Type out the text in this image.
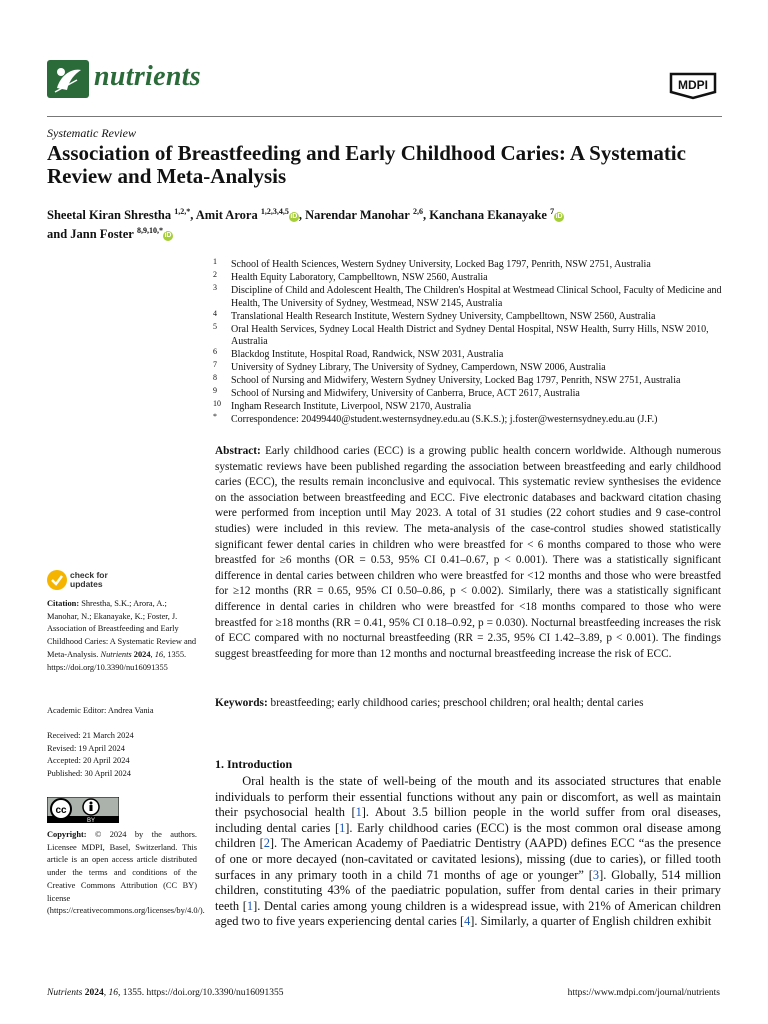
nutrients	MDPI
Systematic Review
Association of Breastfeeding and Early Childhood Caries: A Systematic Review and Meta-Analysis
Sheetal Kiran Shrestha $^{1,2,*}$, Amit Arora $^{1,2,3,4,5}$iD , Narendar Manohar $^{2,6}$, Kanchana Ekanayake $^7$iD
and Jann Foster $^{8,9,10,*}$iD
1 School of Health Sciences, Western Sydney University, Locked Bag 1797, Penrith, NSW 2751, Australia
2 Health Equity Laboratory, Campbelltown, NSW 2560, Australia
3 Discipline of Child and Adolescent Health, The Children's Hospital at Westmead Clinical School, Faculty of Medicine and Health, The University of Sydney, Westmead, NSW 2145, Australia
4 Translational Health Research Institute, Western Sydney University, Campbelltown, NSW 2560, Australia
5 Oral Health Services, Sydney Local Health District and Sydney Dental Hospital, NSW Health, Surry Hills, NSW 2010, Australia
6 Blackdog Institute, Hospital Road, Randwick, NSW 2031, Australia
7 University of Sydney Library, The University of Sydney, Camperdown, NSW 2006, Australia
8 School of Nursing and Midwifery, Western Sydney University, Locked Bag 1797, Penrith, NSW 2751, Australia
9 School of Nursing and Midwifery, University of Canberra, Bruce, ACT 2617, Australia
10 Ingham Research Institute, Liverpool, NSW 2170, Australia
* Correspondence: 20499440@student.westernsydney.edu.au (S.K.S.); j.foster@westernsydney.edu.au (J.F.)
Abstract: Early childhood caries (ECC) is a growing public health concern worldwide. Although numerous systematic reviews have been published regarding the association between breastfeeding and early childhood caries (ECC), the results remain inconclusive and equivocal. This systematic review synthesises the evidence on the association between breastfeeding and ECC. Five electronic databases and backward citation chasing were performed from inception until May 2023. A total of 31 studies (22 cohort studies and 9 case-control studies) were included in this review. The meta-analysis of the case-control studies showed statistically significant fewer dental caries in children who were breastfed for < 6 months compared to those who were breastfed for ≥6 months (OR = 0.53, 95% CI 0.41–0.67, p < 0.001). There was a statistically significant difference in dental caries between children who were breastfed for <12 months and those who were breastfed for ≥12 months (RR = 0.65, 95% CI 0.50–0.86, p < 0.002). Similarly, there was a statistically significant difference in dental caries in children who were breastfed for <18 months compared to those who were breastfed for ≥18 months (RR = 0.41, 95% CI 0.18–0.92, p = 0.030). Nocturnal breastfeeding increases the risk of ECC compared with no nocturnal breastfeeding (RR = 2.35, 95% CI 1.42–3.89, p < 0.001). The findings suggest breastfeeding for more than 12 months and nocturnal breastfeeding increase the risk of ECC.
Keywords: breastfeeding; early childhood caries; preschool children; oral health; dental caries
check for
updates
Citation: Shrestha, S.K.; Arora, A.; Manohar, N.; Ekanayake, K.; Foster, J. Association of Breastfeeding and Early Childhood Caries: A Systematic Review and Meta-Analysis. Nutrients 2024, 16, 1355. https://doi.org/10.3390/nu16091355
Academic Editor: Andrea Vania
Received: 21 March 2024
Revised: 19 April 2024
Accepted: 20 April 2024
Published: 30 April 2024
cc
BY
Copyright: © 2024 by the authors. Licensee MDPI, Basel, Switzerland. This article is an open access article distributed under the terms and conditions of the Creative Commons Attribution (CC BY) license (https://creativecommons.org/licenses/by/4.0/).
1. Introduction
   Oral health is the state of well-being of the mouth and its associated structures that enable individuals to perform their essential functions without any pain or discomfort, as well as maintain their psychosocial health [1]. About 3.5 billion people in the world suffer from oral diseases, including dental caries [1]. Early childhood caries (ECC) is the most common oral disease among children [2]. The American Academy of Paediatric Dentistry (AAPD) defines ECC “as the presence of one or more decayed (non-cavitated or cavitated lesions), missing (due to caries), or filled tooth surfaces in any primary tooth in a child 71 months of age or younger” [3]. Globally, 514 million children, constituting 43% of the paediatric population, suffer from dental caries in their primary teeth [1]. Dental caries among young children is a widespread issue, with 21% of American children aged two to five years experiencing dental caries [4]. Similarly, a quarter of English children exhibit
Nutrients 2024, 16, 1355. https://doi.org/10.3390/nu16091355	https://www.mdpi.com/journal/nutrients
